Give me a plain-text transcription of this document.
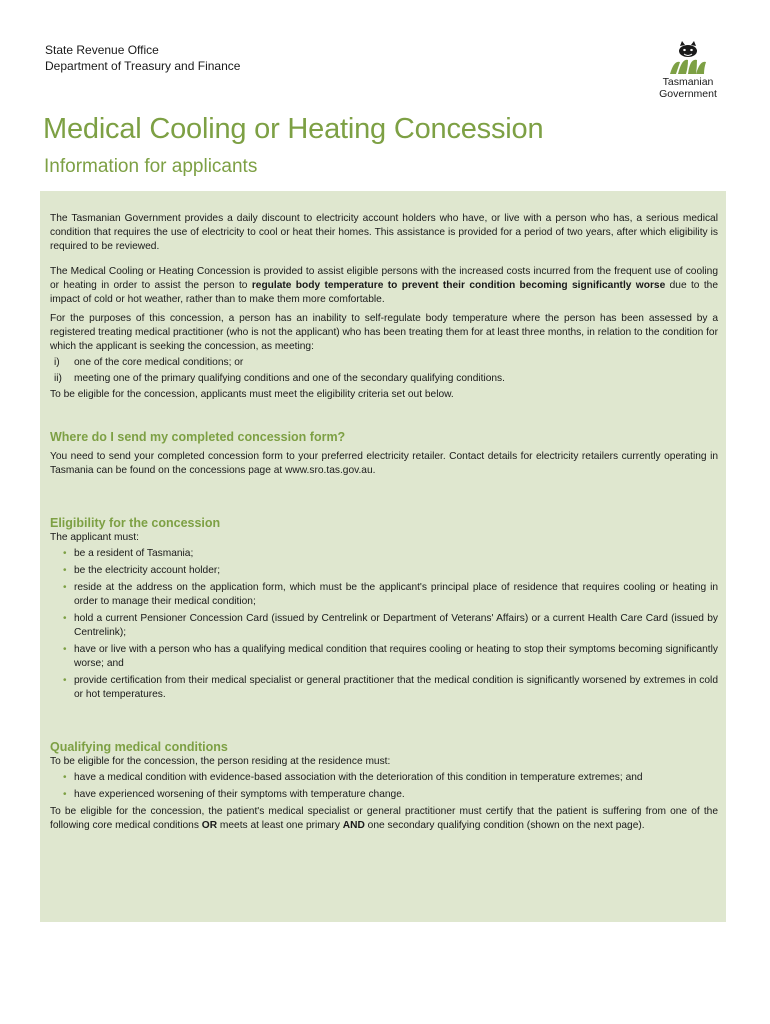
State Revenue Office
Department of Treasury and Finance
Tasmanian
Government
Medical Cooling or Heating Concession
Information for applicants

The Tasmanian Government provides a daily discount to electricity account holders who have, or live with a person who has, a serious medical condition that requires the use of electricity to cool or heat their homes. This assistance is provided for a period of two years, after which eligibility is required to be reviewed.

The Medical Cooling or Heating Concession is provided to assist eligible persons with the increased costs incurred from the frequent use of cooling or heating in order to assist the person to regulate body temperature to prevent their condition becoming significantly worse due to the impact of cold or hot weather, rather than to make them more comfortable.

For the purposes of this concession, a person has an inability to self-regulate body temperature where the person has been assessed by a registered treating medical practitioner (who is not the applicant) who has been treating them for at least three months, in relation to the condition for which the applicant is seeking the concession, as meeting:

i) one of the core medical conditions; or
ii) meeting one of the primary qualifying conditions and one of the secondary qualifying conditions.

To be eligible for the concession, applicants must meet the eligibility criteria set out below.

Where do I send my completed concession form?

You need to send your completed concession form to your preferred electricity retailer. Contact details for electricity retailers currently operating in Tasmania can be found on the concessions page at www.sro.tas.gov.au.

Eligibility for the concession

The applicant must:

• be a resident of Tasmania;
• be the electricity account holder;
• reside at the address on the application form, which must be the applicant's principal place of residence that requires cooling or heating in order to manage their medical condition;
• hold a current Pensioner Concession Card (issued by Centrelink or Department of Veterans' Affairs) or a current Health Care Card (issued by Centrelink);
• have or live with a person who has a qualifying medical condition that requires cooling or heating to stop their symptoms becoming significantly worse; and
• provide certification from their medical specialist or general practitioner that the medical condition is significantly worsened by extremes in cold or hot temperatures.
Qualifying medical conditions

To be eligible for the concession, the person residing at the residence must:

• have a medical condition with evidence-based association with the deterioration of this condition in temperature extremes; and
• have experienced worsening of their symptoms with temperature change.

To be eligible for the concession, the patient's medical specialist or general practitioner must certify that the patient is suffering from one of the following core medical conditions OR meets at least one primary AND one secondary qualifying condition (shown on the next page).
